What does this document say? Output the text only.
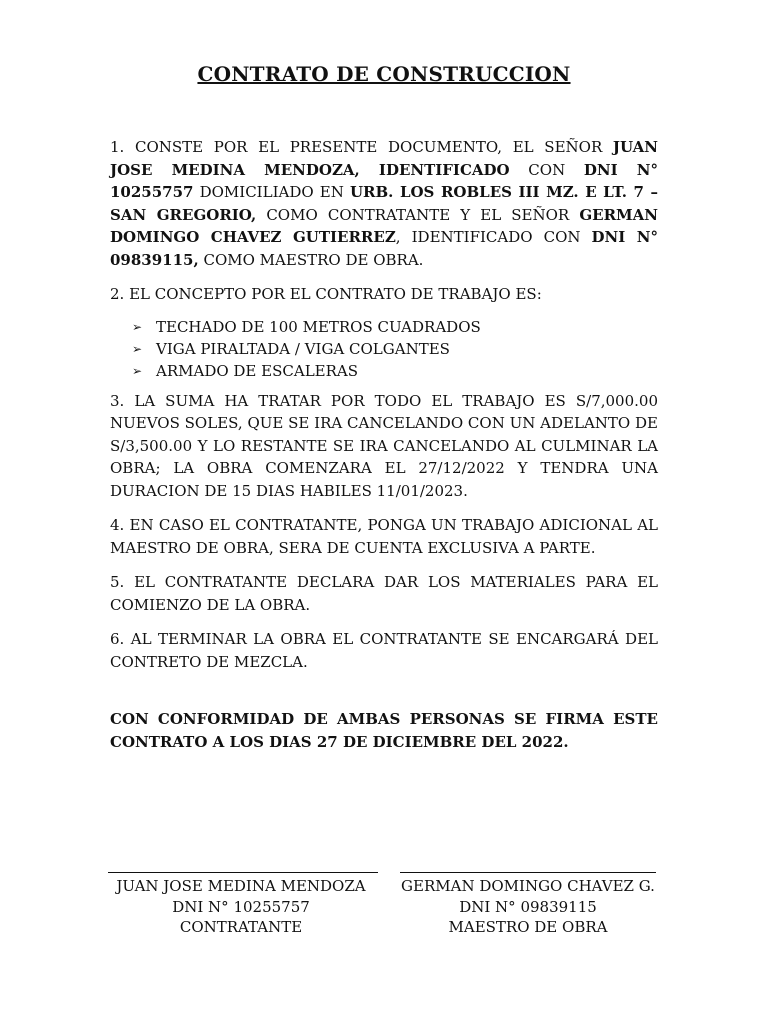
CONTRATO DE CONSTRUCCION

1. CONSTE POR EL PRESENTE DOCUMENTO, EL SEÑOR JUAN JOSE MEDINA MENDOZA, IDENTIFICADO CON DNI N° 10255757 DOMICILIADO EN URB. LOS ROBLES III MZ. E LT. 7 – SAN GREGORIO, COMO CONTRATANTE Y EL SEÑOR GERMAN DOMINGO CHAVEZ GUTIERREZ, IDENTIFICADO CON DNI N° 09839115, COMO MAESTRO DE OBRA.

2. EL CONCEPTO POR EL CONTRATO DE TRABAJO ES:

➢ TECHADO DE 100 METROS CUADRADOS
➢ VIGA PIRALTADA / VIGA COLGANTES
➢ ARMADO DE ESCALERAS

3. LA SUMA HA TRATAR POR TODO EL TRABAJO ES S/7,000.00 NUEVOS SOLES, QUE SE IRA CANCELANDO CON UN ADELANTO DE S/3,500.00 Y LO RESTANTE SE IRA CANCELANDO AL CULMINAR LA OBRA; LA OBRA COMENZARA EL 27/12/2022 Y TENDRA UNA DURACION DE 15 DIAS HABILES 11/01/2023.

4. EN CASO EL CONTRATANTE, PONGA UN TRABAJO ADICIONAL AL MAESTRO DE OBRA, SERA DE CUENTA EXCLUSIVA A PARTE.

5. EL CONTRATANTE DECLARA DAR LOS MATERIALES PARA EL COMIENZO DE LA OBRA.

6. AL TERMINAR LA OBRA EL CONTRATANTE SE ENCARGARÁ DEL CONTRETO DE MEZCLA.

CON CONFORMIDAD DE AMBAS PERSONAS SE FIRMA ESTE CONTRATO A LOS DIAS 27 DE DICIEMBRE DEL 2022.
JUAN JOSE MEDINA MENDOZA
DNI N° 10255757
CONTRATANTE
GERMAN DOMINGO CHAVEZ G.
DNI N° 09839115
MAESTRO DE OBRA
